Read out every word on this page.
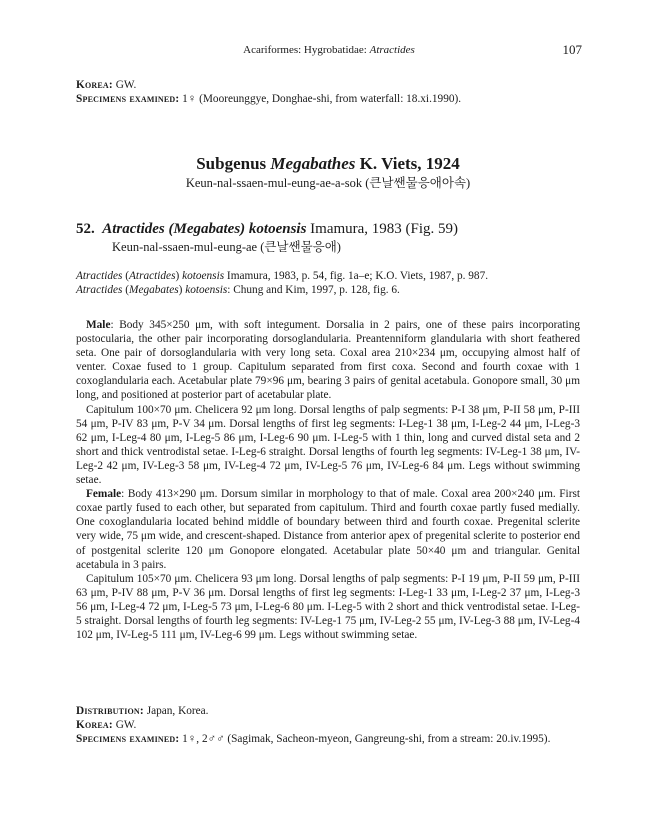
Acariformes: Hygrobatidae: Atractides	107

Korea: GW.

Specimens examined: 1♀ (Mooreunggye, Donghae-shi, from waterfall: 18.xi.1990).

Subgenus Megabathes K. Viets, 1924

Keun-nal-ssaen-mul-eung-ae-a-sok (큰날쌘물응애아속)

52. Atractides (Megabates) kotoensis Imamura, 1983 (Fig. 59)

Keun-nal-ssaen-mul-eung-ae (큰날쌘물응애)

Atractides (Atractides) kotoensis Imamura, 1983, p. 54, fig. 1a–e; K.O. Viets, 1987, p. 987.

Atractides (Megabates) kotoensis: Chung and Kim, 1997, p. 128, fig. 6.

Male: Body 345×250 μm, with soft integument. Dorsalia in 2 pairs, one of these pairs incorporating postocularia, the other pair incorporating dorsoglandularia. Preantenniform glandularia with short feathered seta. One pair of dorsoglandularia with very long seta. Coxal area 210×234 μm, occupying almost half of venter. Coxae fused to 1 group. Capitulum separated from first coxa. Second and fourth coxae with 1 coxoglandularia each. Acetabular plate 79×96 μm, bearing 3 pairs of genital acetabula. Gonopore small, 30 μm long, and positioned at posterior part of acetabular plate.

Capitulum 100×70 μm. Chelicera 92 μm long. Dorsal lengths of palp segments: P-I 38 μm, P-II 58 μm, P-III 54 μm, P-IV 83 μm, P-V 34 μm. Dorsal lengths of first leg segments: I-Leg-1 38 μm, I-Leg-2 44 μm, I-Leg-3 62 μm, I-Leg-4 80 μm, I-Leg-5 86 μm, I-Leg-6 90 μm. I-Leg-5 with 1 thin, long and curved distal seta and 2 short and thick ventrodistal setae. I-Leg-6 straight. Dorsal lengths of fourth leg segments: IV-Leg-1 38 μm, IV-Leg-2 42 μm, IV-Leg-3 58 μm, IV-Leg-4 72 μm, IV-Leg-5 76 μm, IV-Leg-6 84 μm. Legs without swimming setae.

Female: Body 413×290 μm. Dorsum similar in morphology to that of male. Coxal area 200×240 μm. First coxae partly fused to each other, but separated from capitulum. Third and fourth coxae partly fused medially. One coxoglandularia located behind middle of boundary between third and fourth coxae. Pregenital sclerite very wide, 75 μm wide, and crescent-shaped. Distance from anterior apex of pregenital sclerite to posterior end of postgenital sclerite 120 μm Gonopore elongated. Acetabular plate 50×40 μm and triangular. Genital acetabula in 3 pairs.

Capitulum 105×70 μm. Chelicera 93 μm long. Dorsal lengths of palp segments: P-I 19 μm, P-II 59 μm, P-III 63 μm, P-IV 88 μm, P-V 36 μm. Dorsal lengths of first leg segments: I-Leg-1 33 μm, I-Leg-2 37 μm, I-Leg-3 56 μm, I-Leg-4 72 μm, I-Leg-5 73 μm, I-Leg-6 80 μm. I-Leg-5 with 2 short and thick ventrodistal setae. I-Leg-5 straight. Dorsal lengths of fourth leg segments: IV-Leg-1 75 μm, IV-Leg-2 55 μm, IV-Leg-3 88 μm, IV-Leg-4 102 μm, IV-Leg-5 111 μm, IV-Leg-6 99 μm. Legs without swimming setae.

Distribution: Japan, Korea.

Korea: GW.

Specimens examined: 1♀, 2♂♂ (Sagimak, Sacheon-myeon, Gangreung-shi, from a stream: 20.iv.1995).
